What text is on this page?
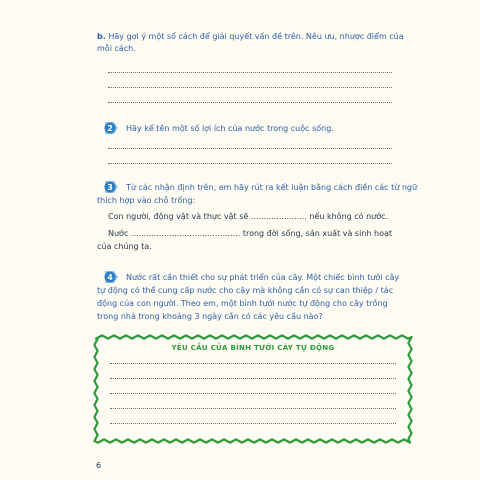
b. Hãy gợi ý một số cách để giải quyết vấn đề trên. Nêu ưu, nhược điểm của
mỗi cách.
2 Hãy kể tên một số lợi ích của nước trong cuộc sống.
3 Từ các nhận định trên, em hãy rút ra kết luận bằng cách điền các từ ngữ
thích hợp vào chỗ trống:
Con người, động vật và thực vật sẽ ...................... nếu không có nước.
Nước ........................................... trong đời sống, sản xuất và sinh hoạt
của chúng ta.
4 Nước rất cần thiết cho sự phát triển của cây. Một chiếc bình tưới cây
tự động có thể cung cấp nước cho cây mà không cần có sự can thiệp / tác
động của con người. Theo em, một bình tưới nước tự động cho cây trồng
trong nhà trong khoảng 3 ngày cần có các yêu cầu nào?
YÊU CẦU CỦA BÌNH TƯỚI CÂY TỰ ĐỘNG
6
